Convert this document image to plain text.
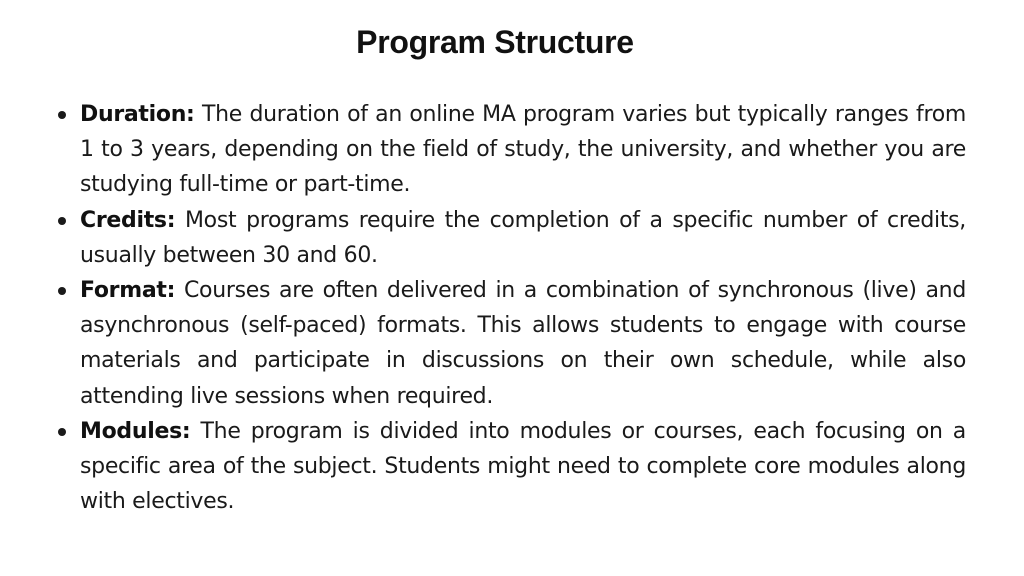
Program Structure
Duration: The duration of an online MA program varies but typically ranges from 1 to 3 years, depending on the field of study, the university, and whether you are studying full-time or part-time.
Credits: Most programs require the completion of a specific number of credits, usually between 30 and 60.
Format: Courses are often delivered in a combination of synchronous (live) and asynchronous (self-paced) formats. This allows students to engage with course materials and participate in discussions on their own schedule, while also attending live sessions when required.
Modules: The program is divided into modules or courses, each focusing on a specific area of the subject. Students might need to complete core modules along with electives.
